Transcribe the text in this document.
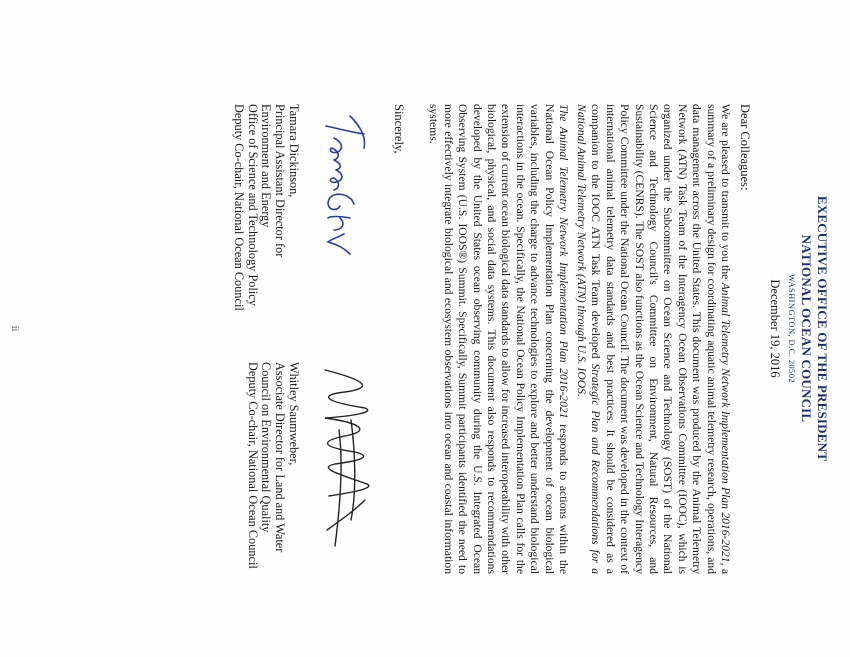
EXECUTIVE OFFICE OF THE PRESIDENT
NATIONAL OCEAN COUNCIL
WASHINGTON, D.C. 20502
December 19, 2016
Dear Colleagues:
We are pleased to transmit to you the Animal Telemetry Network Implementation Plan 2016-2021, a summary of a preliminary design for coordinating aquatic animal telemetry research, operations, and data management across the United States. This document was produced by the Animal Telemetry Network (ATN) Task Team of the Interagency Ocean Observations Committee (IOOC), which is organized under the Subcommittee on Ocean Science and Technology (SOST) of the National Science and Technology Council's Committee on Environment, Natural Resources, and Sustainability (CENRS). The SOST also functions as the Ocean Science and Technology Interagency Policy Committee under the National Ocean Council. The document was developed in the context of international animal telemetry data standards and best practices. It should be considered as a companion to the IOOC ATN Task Team developed Strategic Plan and Recommendations for a National Animal Telemetry Network (ATN) through U.S. IOOS.
The Animal Telemetry Network Implementation Plan 2016-2021 responds to actions within the National Ocean Policy Implementation Plan concerning the development of ocean biological variables, including the charge to advance technologies to explore and better understand biological interactions in the ocean. Specifically, the National Ocean Policy Implementation Plan calls for the extension of current ocean biological data standards to allow for increased interoperability with other biological, physical, and social data systems. This document also responds to recommendations developed by the United States ocean observing community during the U.S. Integrated Ocean Observing System (U.S. IOOS®) Summit. Specifically, Summit participants identified the need to more effectively integrate biological and ecosystem observations into ocean and coastal information systems.
Sincerely,
Tamara Dickinson,
Principal Assistant Director for
Environment and Energy
Office of Science and Technology Policy
Deputy Co-chair, National Ocean Council
Whitley Saumweber,
Associate Director for Land and Water
Council on Environmental Quality
Deputy Co-chair, National Ocean Council
ii
